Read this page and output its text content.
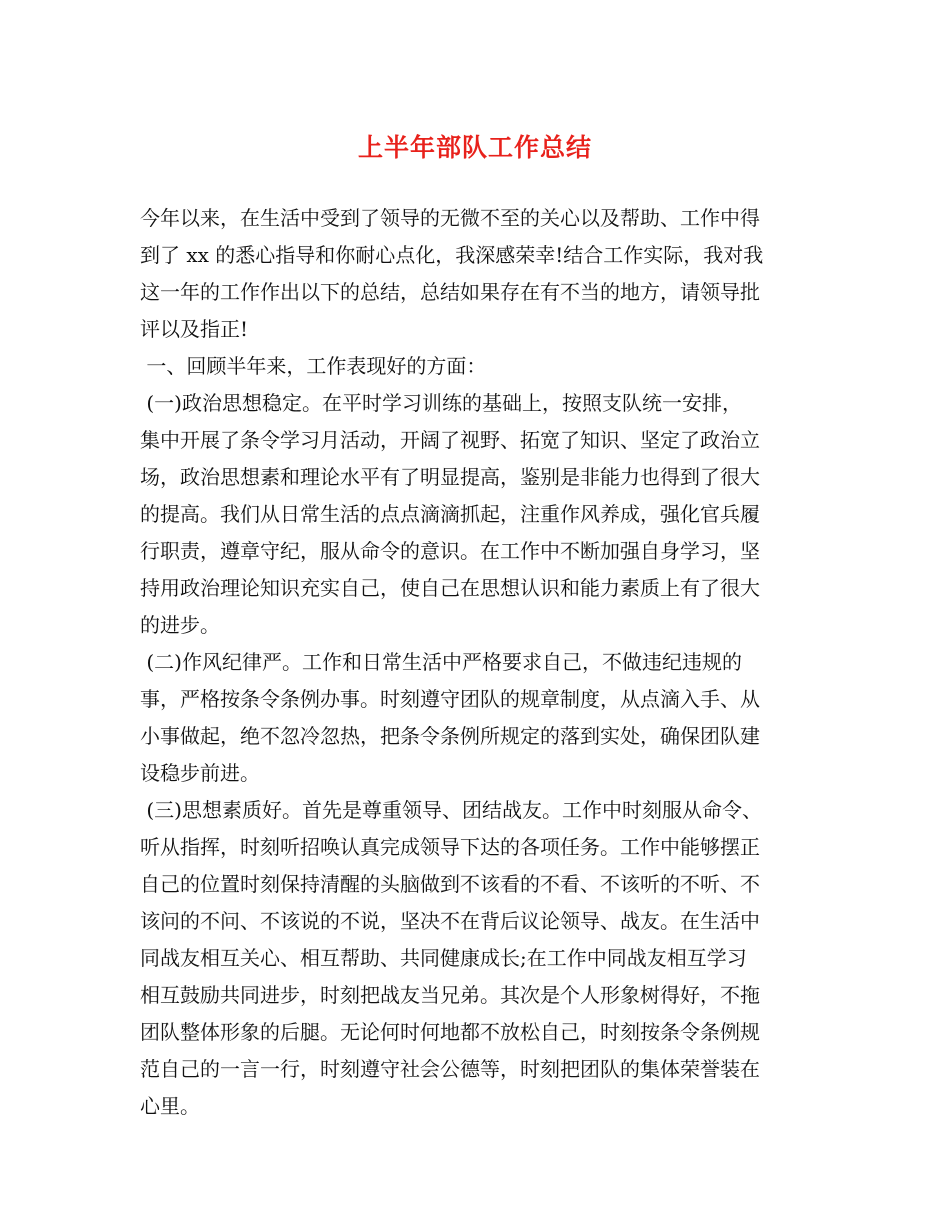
上半年部队工作总结
今年以来，在生活中受到了领导的无微不至的关心以及帮助、工作中得
到了 xx 的悉心指导和你耐心点化，我深感荣幸!结合工作实际，我对我
这一年的工作作出以下的总结，总结如果存在有不当的地方，请领导批
评以及指正!
一、回顾半年来，工作表现好的方面：
(一)政治思想稳定。在平时学习训练的基础上，按照支队统一安排，
集中开展了条令学习月活动，开阔了视野、拓宽了知识、坚定了政治立
场，政治思想素和理论水平有了明显提高，鉴别是非能力也得到了很大
的提高。我们从日常生活的点点滴滴抓起，注重作风养成，强化官兵履
行职责，遵章守纪，服从命令的意识。在工作中不断加强自身学习，坚
持用政治理论知识充实自己，使自己在思想认识和能力素质上有了很大
的进步。
(二)作风纪律严。工作和日常生活中严格要求自己，不做违纪违规的
事，严格按条令条例办事。时刻遵守团队的规章制度，从点滴入手、从
小事做起，绝不忽冷忽热，把条令条例所规定的落到实处，确保团队建
设稳步前进。
(三)思想素质好。首先是尊重领导、团结战友。工作中时刻服从命令、
听从指挥，时刻听招唤认真完成领导下达的各项任务。工作中能够摆正
自己的位置时刻保持清醒的头脑做到不该看的不看、不该听的不听、不
该问的不问、不该说的不说，坚决不在背后议论领导、战友。在生活中
同战友相互关心、相互帮助、共同健康成长;在工作中同战友相互学习
相互鼓励共同进步，时刻把战友当兄弟。其次是个人形象树得好，不拖
团队整体形象的后腿。无论何时何地都不放松自己，时刻按条令条例规
范自己的一言一行，时刻遵守社会公德等，时刻把团队的集体荣誉装在
心里。
